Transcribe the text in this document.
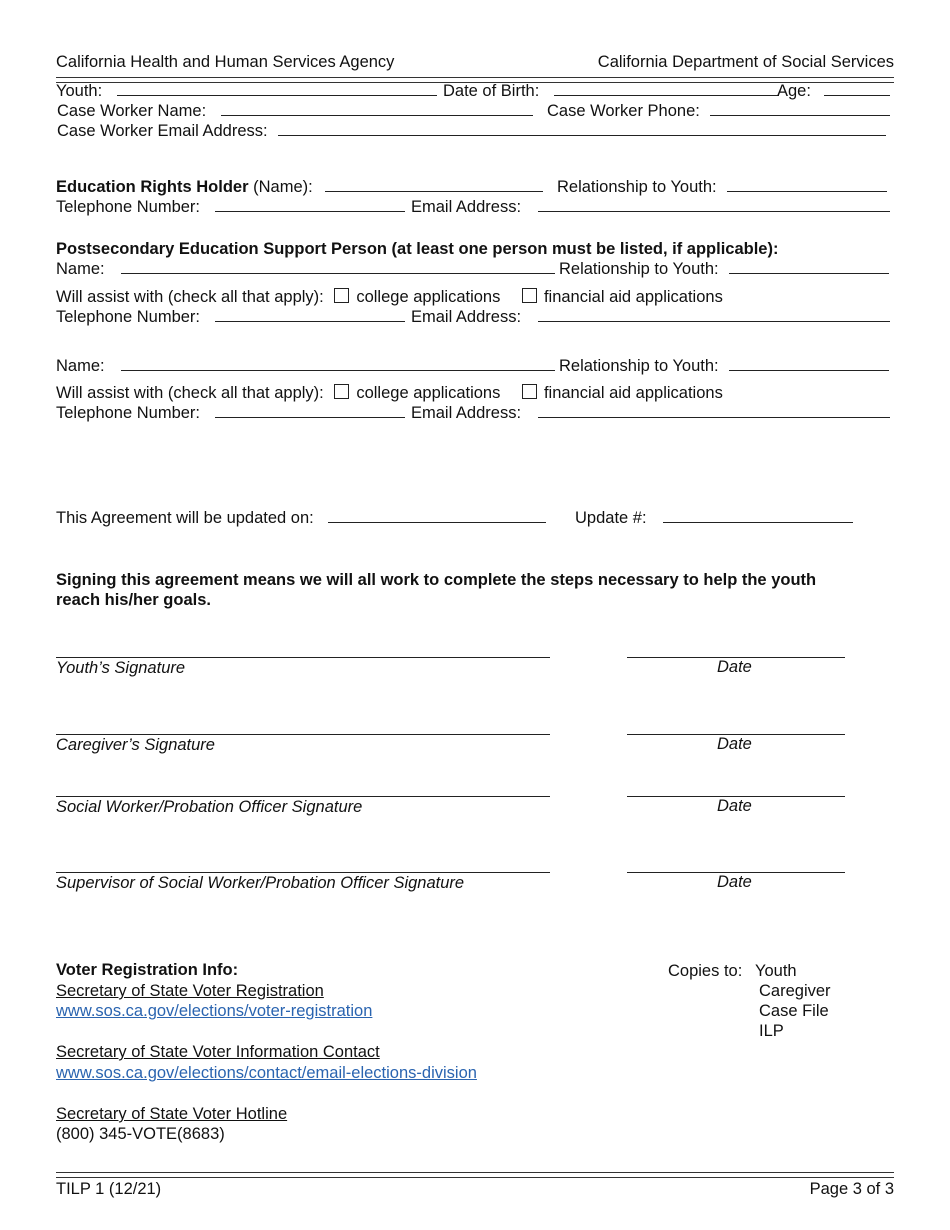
California Health and Human Services Agency	California Department of Social Services
Youth:	Date of Birth:	Age:
Case Worker Name:	Case Worker Phone:
Case Worker Email Address:
Education Rights Holder (Name):	Relationship to Youth:
Telephone Number:	Email Address:
Postsecondary Education Support Person (at least one person must be listed, if applicable):
Name:	Relationship to Youth:
Will assist with (check all that apply): college applications	financial aid applications
Telephone Number:	Email Address:
Name:	Relationship to Youth:
Will assist with (check all that apply): college applications	financial aid applications
Telephone Number:	Email Address:
This Agreement will be updated on:	Update #:
Signing this agreement means we will all work to complete the steps necessary to help the youth
reach his/her goals.
Youth’s Signature	Date
Caregiver’s Signature	Date
Social Worker/Probation Officer Signature	Date
Supervisor of Social Worker/Probation Officer Signature	Date
Voter Registration Info:
Secretary of State Voter Registration
www.sos.ca.gov/elections/voter-registration
Secretary of State Voter Information Contact
www.sos.ca.gov/elections/contact/email-elections-division
Secretary of State Voter Hotline
(800) 345-VOTE(8683)
Copies to: Youth
Caregiver
Case File
ILP
TILP 1 (12/21)	Page 3 of 3
